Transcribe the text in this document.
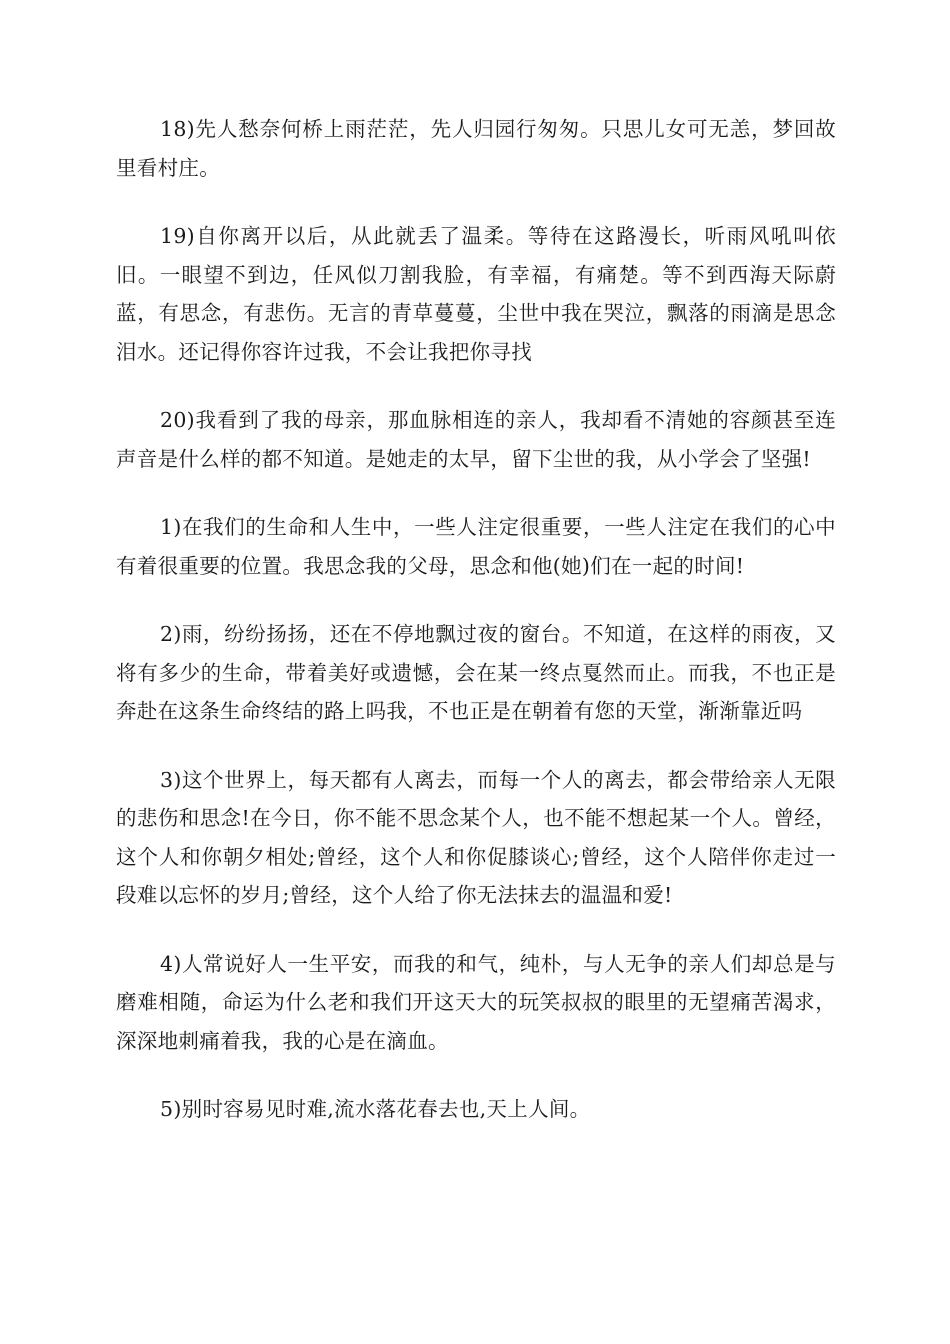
18)先人愁奈何桥上雨茫茫，先人归园行匆匆。只思儿女可无恙，梦回故里看村庄。

19)自你离开以后，从此就丢了温柔。等待在这路漫长，听雨风吼叫依旧。一眼望不到边，任风似刀割我脸，有幸福，有痛楚。等不到西海天际蔚蓝，有思念，有悲伤。无言的青草蔓蔓，尘世中我在哭泣，飘落的雨滴是思念泪水。还记得你容许过我，不会让我把你寻找

20)我看到了我的母亲，那血脉相连的亲人，我却看不清她的容颜甚至连声音是什么样的都不知道。是她走的太早，留下尘世的我，从小学会了坚强!

1)在我们的生命和人生中，一些人注定很重要，一些人注定在我们的心中有着很重要的位置。我思念我的父母，思念和他(她)们在一起的时间!

2)雨，纷纷扬扬，还在不停地飘过夜的窗台。不知道，在这样的雨夜，又将有多少的生命，带着美好或遗憾，会在某一终点戛然而止。而我，不也正是奔赴在这条生命终结的路上吗我，不也正是在朝着有您的天堂，渐渐靠近吗

3)这个世界上，每天都有人离去，而每一个人的离去，都会带给亲人无限的悲伤和思念!在今日，你不能不思念某个人，也不能不想起某一个人。曾经，这个人和你朝夕相处;曾经，这个人和你促膝谈心;曾经，这个人陪伴你走过一段难以忘怀的岁月;曾经，这个人给了你无法抹去的温温和爱!

4)人常说好人一生平安，而我的和气，纯朴，与人无争的亲人们却总是与磨难相随，命运为什么老和我们开这天大的玩笑叔叔的眼里的无望痛苦渴求，深深地刺痛着我，我的心是在滴血。

5)别时容易见时难,流水落花春去也,天上人间。
